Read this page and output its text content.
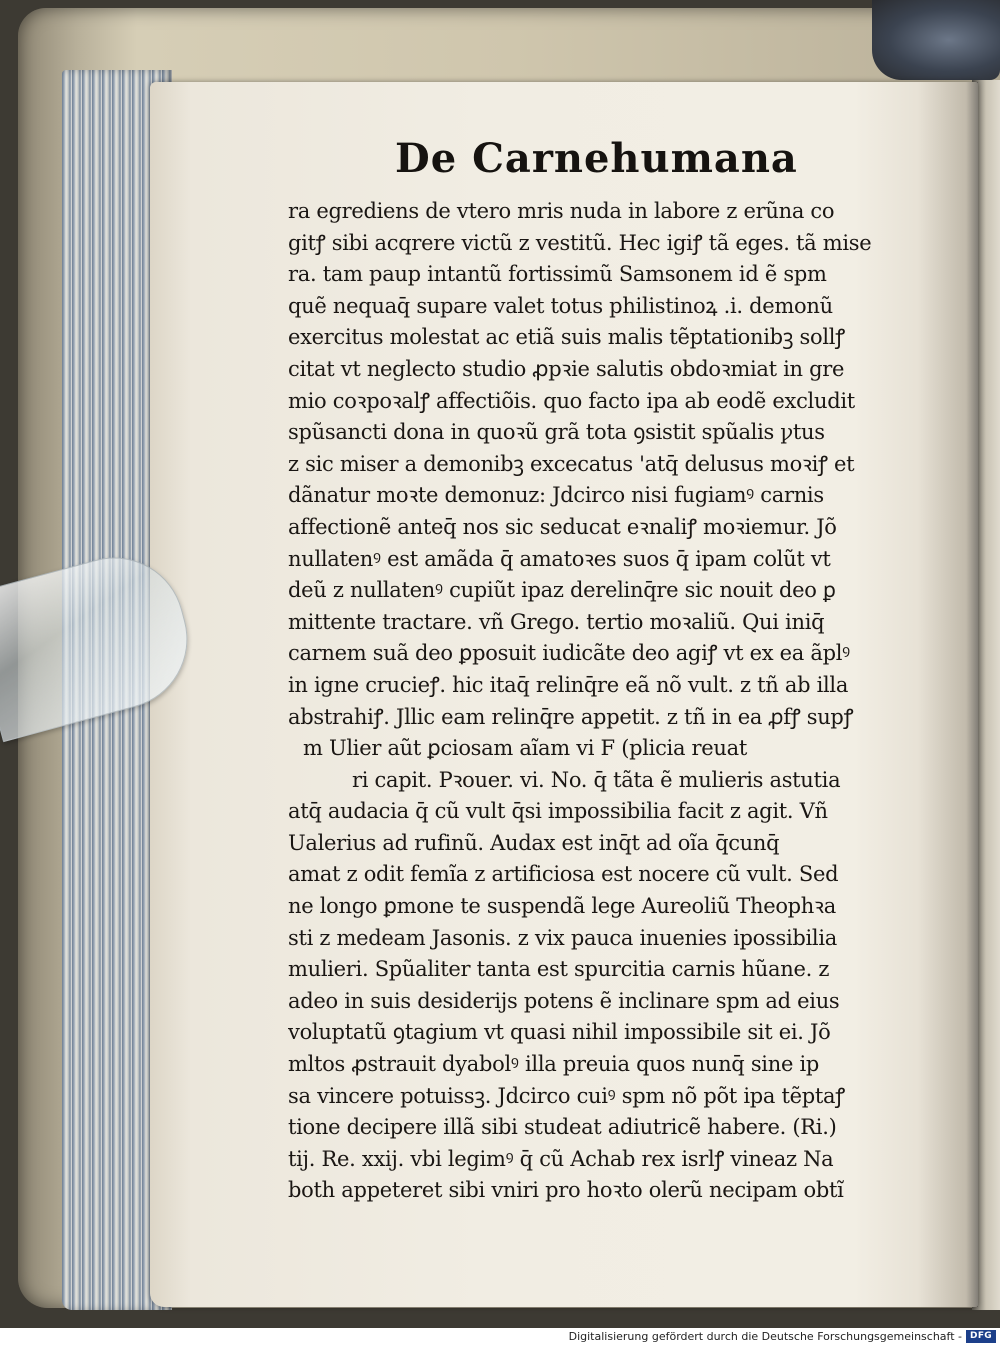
De Carnehumana
ra egrediens de vtero mris nuda in labore z erũna co
gitꝭ sibi acqrere victũ z vestitũ. Hec igiꝭ tã eges. tã mise
ra. tam paup intantũ fortissimũ Samsonem id ẽ spm
quẽ nequaq̄ supare valet totus philistinoꝝ .i. demonũ
exercitus molestat ac etiã suis malis tẽptationibꝫ sollꝭ
citat vt neglecto studio ꝓpꝛie salutis obdoꝛmiat in gre
mio coꝛpoꝛalꝭ affectiõis. quo facto ipa ab eodẽ excludit
spũsancti dona in quoꝛũ grã tota ꝯsistit spũalis ꝩtus
z sic miser a demonibꝫ excecatus 'atq̄ delusus moꝛiꝭ et
dãnatur moꝛte demonuz: Jdcirco nisi fugiamꝰ carnis
affectionẽ anteq̄ nos sic seducat eꝛnaliꝭ moꝛiemur. Jõ
nullatenꝰ est amãda q̄ amatoꝛes suos q̄ ipam colũt vt
deũ z nullatenꝰ cupiũt ipaz derelinq̄re sic nouit deo ꝑ
mittente tractare. vñ Grego. tertio moꝛaliũ. Qui iniq̄
carnem suã deo ꝑposuit iudicãte deo agiꝭ vt ex ea ãplꝰ
in igne crucieꝭ. hic itaq̄ relinq̄re eã nõ vult. z tñ ab illa
abstrahiꝭ. Jllic eam relinq̄re appetit. z tñ in ea ꝓfꝭ supꝭ
m Ulier aũt ꝑciosam aĩam vi F (plicia reuat
ri capit. Pꝛouer. vi. No. q̄ tãta ẽ mulieris astutia
atq̄ audacia q̄ cũ vult q̄si impossibilia facit z agit. Vñ
Ualerius ad rufinũ. Audax est inq̄t ad oĩa q̄cunq̄
amat z odit femĩa z artificiosa est nocere cũ vult. Sed
ne longo ꝑmone te suspendã lege Aureoliũ Theophꝛa
sti z medeam Jasonis. z vix pauca inuenies ipossibilia
mulieri. Spũaliter tanta est spurcitia carnis hũane. z
adeo in suis desiderijs potens ẽ inclinare spm ad eius
voluptatũ ꝯtagium vt quasi nihil impossibile sit ei. Jõ
mltos ꝓstrauit dyabolꝰ illa preuia quos nunq̄ sine ip
sa vincere potuissꝫ. Jdcirco cuiꝰ spm nõ põt ipa tẽptaꝭ
tione decipere illã sibi studeat adiutricẽ habere. (Ri.)
tij. Re. xxij. vbi legimꝰ q̄ cũ Achab rex isrlꝭ vineaz Na
both appeteret sibi vniri pro hoꝛto olerũ necipam obtĩ
Digitalisierung gefördert durch die Deutsche Forschungsgemeinschaft - DFG
